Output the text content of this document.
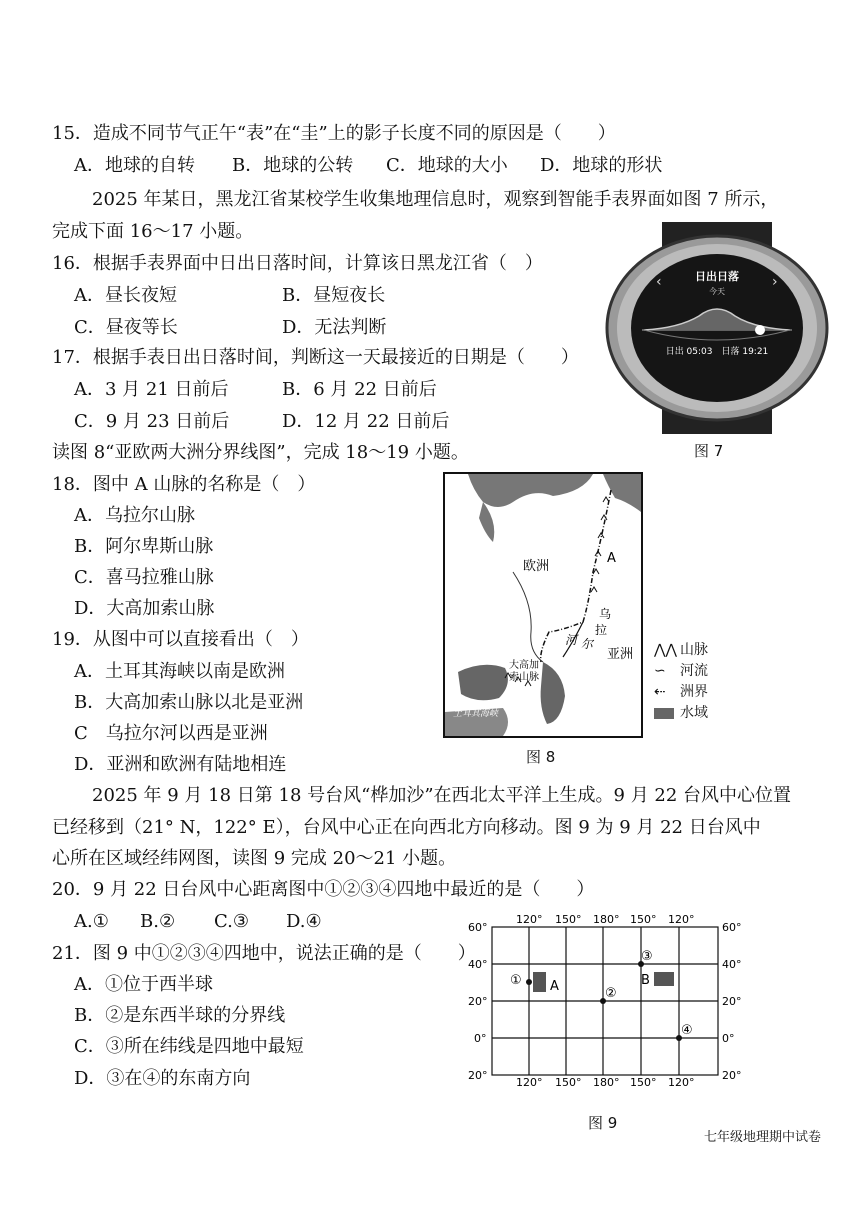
15．造成不同节气正午“表”在“圭”上的影子长度不同的原因是（　　）
A．地球的自转 B．地球的公转 C．地球的大小 D．地球的形状
2025 年某日，黑龙江省某校学生收集地理信息时，观察到智能手表界面如图 7 所示，
完成下面 16～17 小题。
16．根据手表界面中日出日落时间，计算该日黑龙江省（　）
A．昼长夜短	B．昼短夜长
C．昼夜等长	D．无法判断
17．根据手表日出日落时间，判断这一天最接近的日期是（　　）
A．3 月 21 日前后	B．6 月 22 日前后
C．9 月 23 日前后	D．12 月 22 日前后
‹	›
日出日落
今天
日出 05:03　日落 19:21
图 7
读图 8“亚欧两大洲分界线图”，完成 18～19 小题。
18．图中 A 山脉的名称是（　）
A．乌拉尔山脉
B．阿尔卑斯山脉
C．喜马拉雅山脉
D．大高加索山脉
19．从图中可以直接看出（　）
A．土耳其海峡以南是欧洲
B．大高加索山脉以北是亚洲
C　乌拉尔河以西是亚洲
D．亚洲和欧洲有陆地相连
A
欧洲
亚洲
乌
拉
河 尔
大高加
索山脉
土耳其海峡
⋀⋀ 山脉
∽ 河流
⇠ 洲界
水域
图 8
2025 年 9 月 18 日第 18 号台风“桦加沙”在西北太平洋上生成。9 月 22 台风中心位置
已经移到（21° N，122° E），台风中心正在向西北方向移动。图 9 为 9 月 22 日台风中
心所在区域经纬网图，读图 9 完成 20～21 小题。
20．9 月 22 日台风中心距离图中①②③④四地中最近的是（　　）
A.① B.② C.③ D.④
21．图 9 中①②③④四地中，说法正确的是（　　）
A．①位于西半球
B．②是东西半球的分界线
C．③所在纬线是四地中最短
D．③在④的东南方向
120° 150° 180° 150° 120°
120° 150° 180° 150° 120°
60°
40°
20°
0°
20°
60°
40°
20°
0°
20°
① A	②
③
B
④
图 9
七年级地理期中试卷
